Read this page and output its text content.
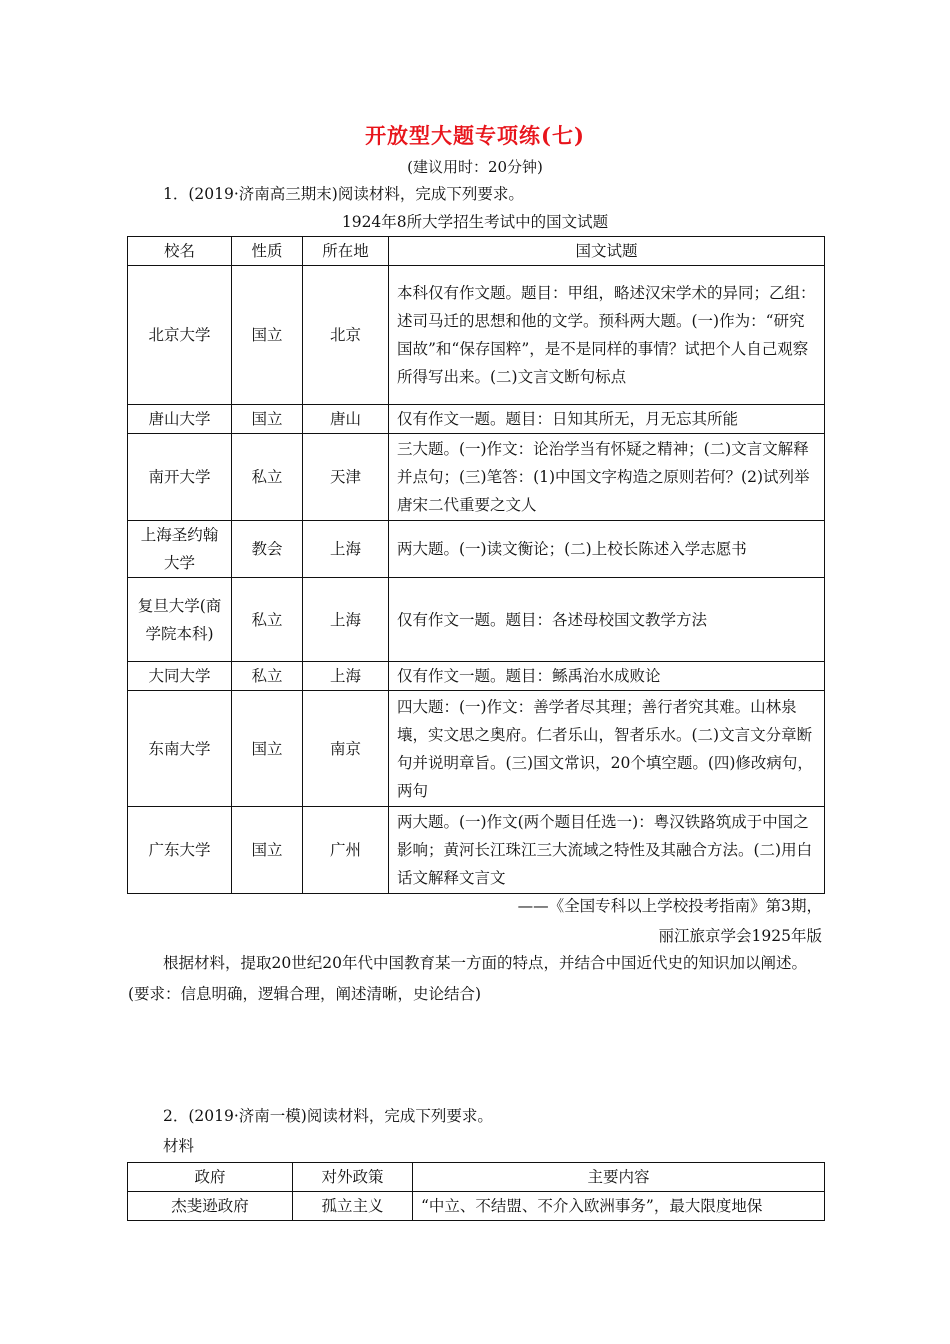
开放型大题专项练(七)
(建议用时：20分钟)
1．(2019·济南高三期末)阅读材料，完成下列要求。
1924年8所大学招生考试中的国文试题
校名	性质	所在地	国文试题
北京大学	国立	北京	本科仅有作文题。题目：甲组，略述汉宋学术的异同；乙组：述司马迁的思想和他的文学。预科两大题。(一)作为：“研究国故”和“保存国粹”，是不是同样的事情？试把个人自己观察所得写出来。(二)文言文断句标点
唐山大学	国立	唐山	仅有作文一题。题目：日知其所无，月无忘其所能
南开大学	私立	天津	三大题。(一)作文：论治学当有怀疑之精神；(二)文言文解释并点句；(三)笔答：(1)中国文字构造之原则若何？(2)试列举唐宋二代重要之文人
上海圣约翰大学	教会	上海	两大题。(一)读文衡论；(二)上校长陈述入学志愿书
复旦大学(商学院本科)	私立	上海	仅有作文一题。题目：各述母校国文教学方法
大同大学	私立	上海	仅有作文一题。题目：鲧禹治水成败论
东南大学	国立	南京	四大题：(一)作文：善学者尽其理；善行者究其难。山林泉壤，实文思之奥府。仁者乐山，智者乐水。(二)文言文分章断句并说明章旨。(三)国文常识，20个填空题。(四)修改病句，两句
广东大学	国立	广州	两大题。(一)作文(两个题目任选一)：粤汉铁路筑成于中国之影响；黄河长江珠江三大流域之特性及其融合方法。(二)用白话文解释文言文
——《全国专科以上学校投考指南》第3期，
丽江旅京学会1925年版
根据材料，提取20世纪20年代中国教育某一方面的特点，并结合中国近代史的知识加以阐述。(要求：信息明确，逻辑合理，阐述清晰，史论结合)
2．(2019·济南一模)阅读材料，完成下列要求。
材料
政府	对外政策	主要内容
杰斐逊政府	孤立主义	“中立、不结盟、不介入欧洲事务”，最大限度地保
